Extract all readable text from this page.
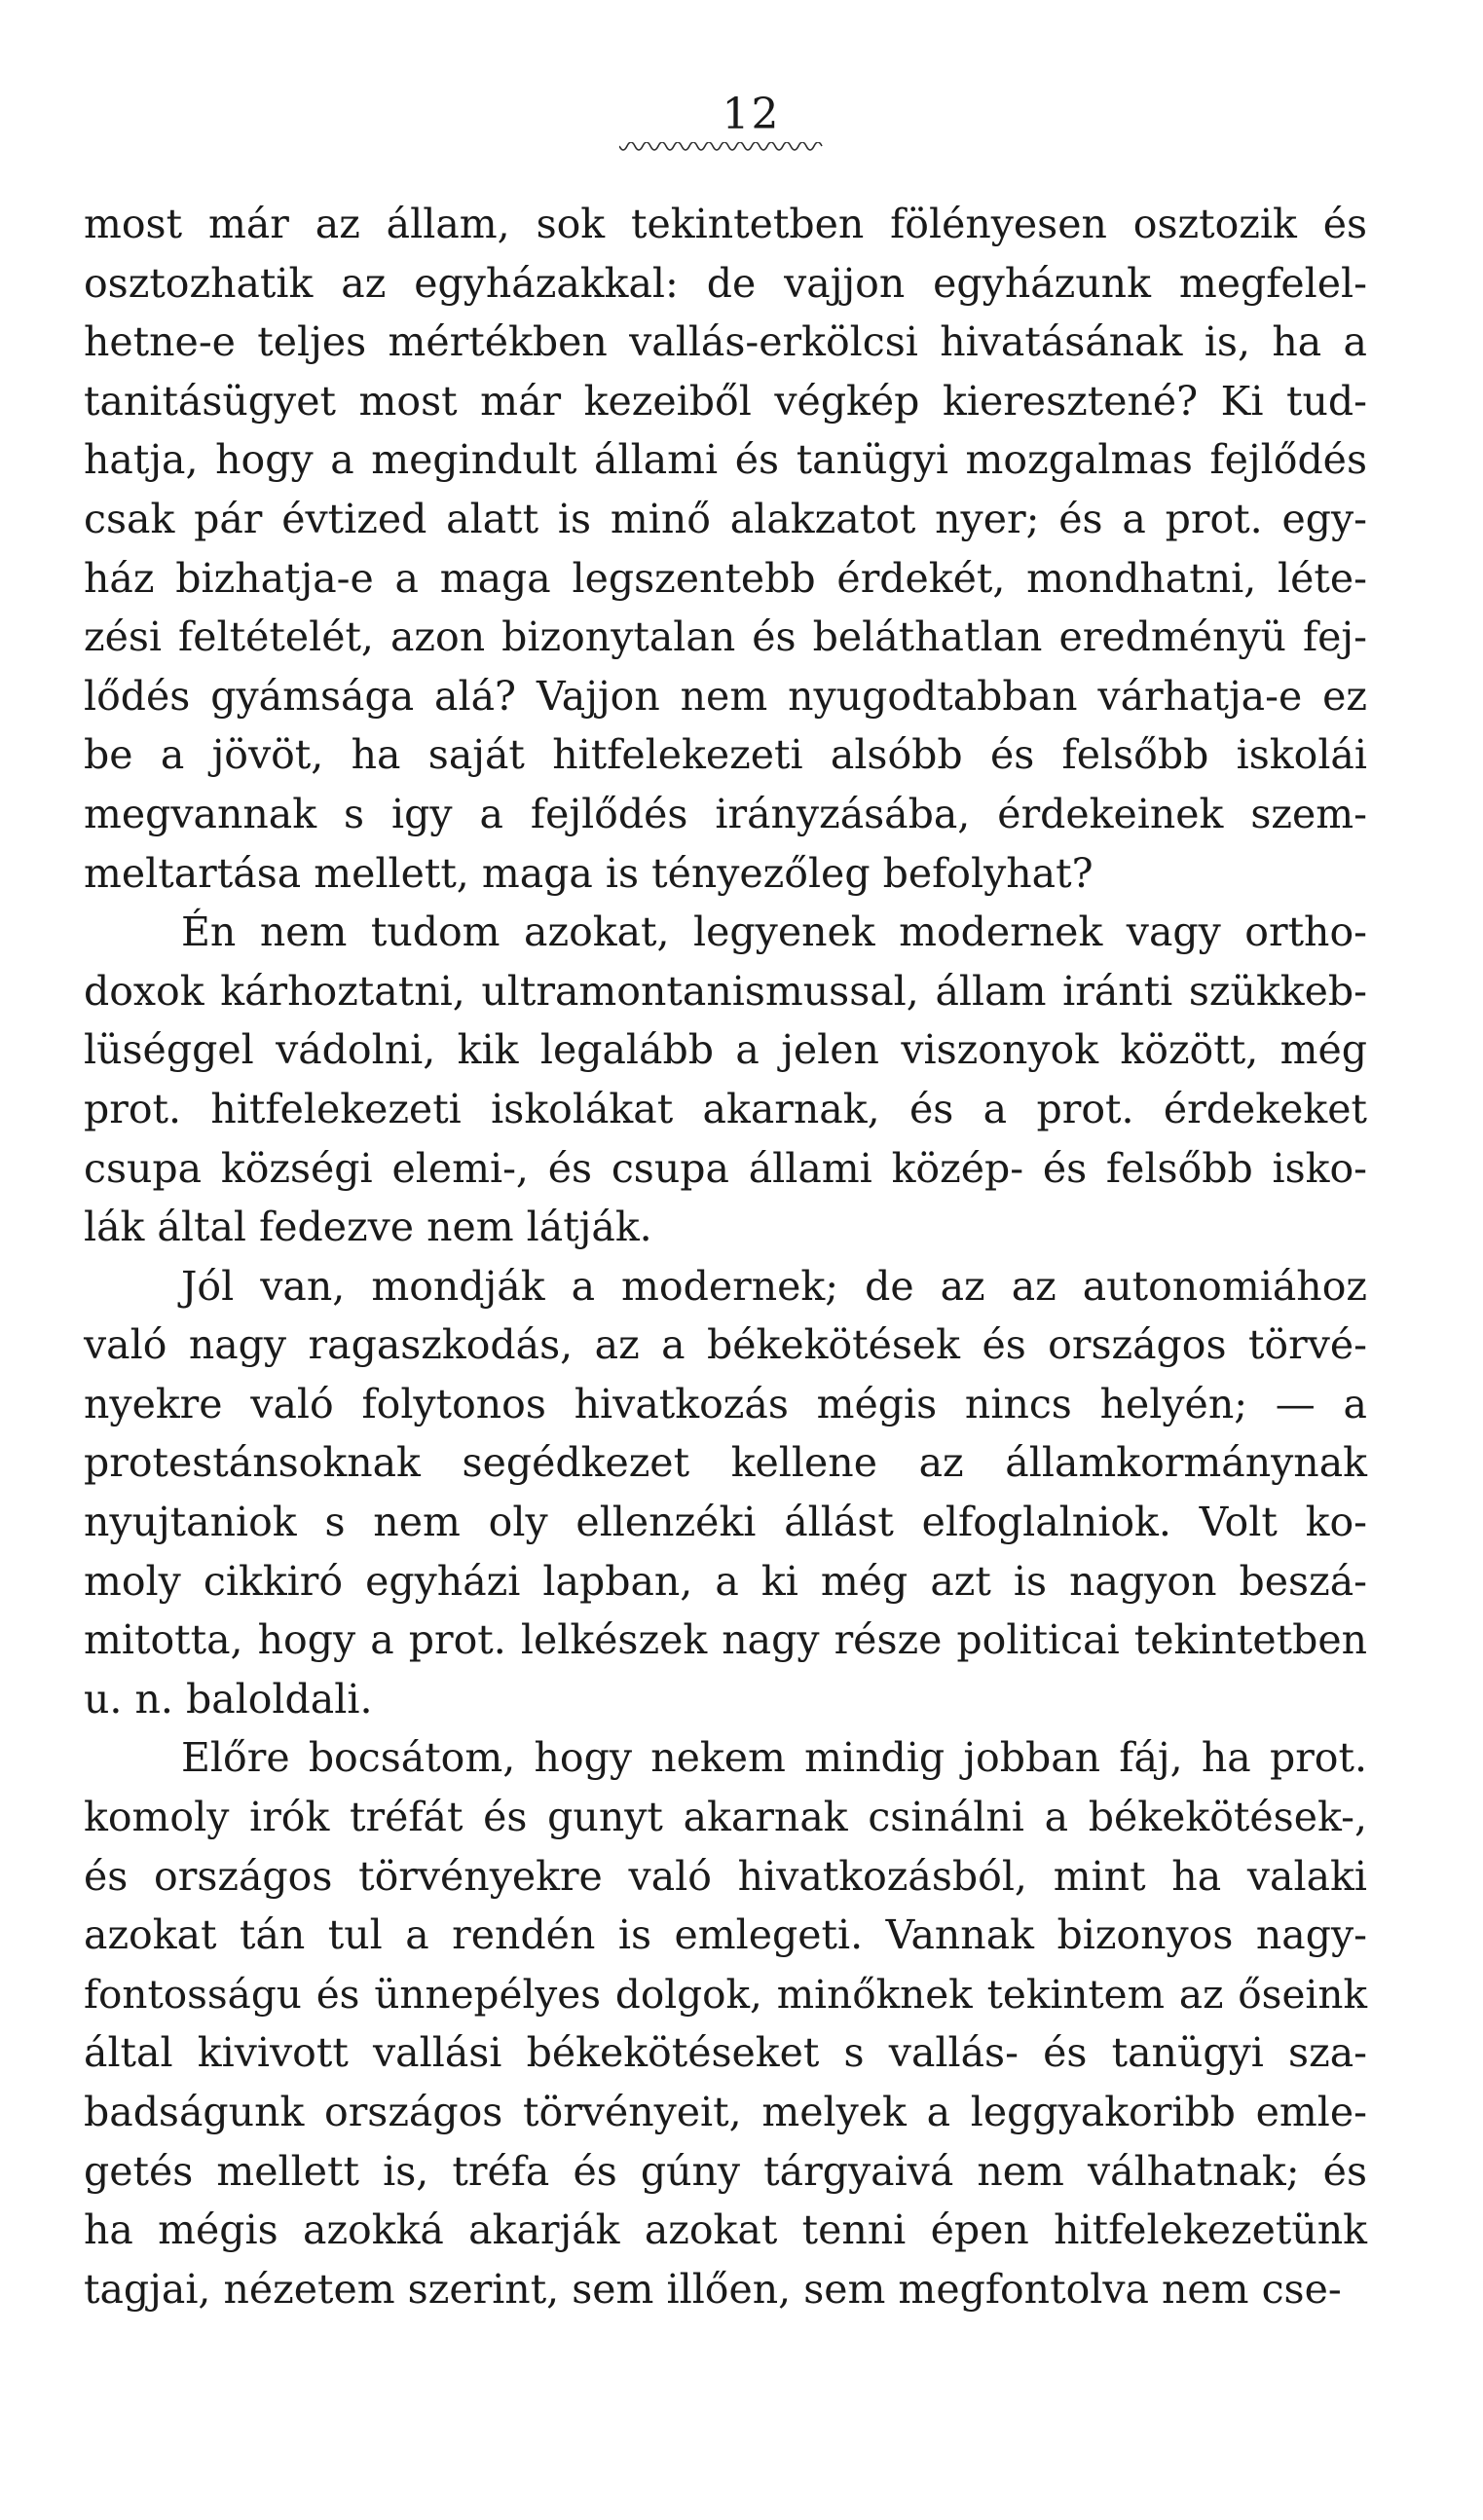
12
most már az állam, sok tekintetben fölényesen osztozik és
osztozhatik az egyházakkal: de vajjon egyházunk megfelel-
hetne-e teljes mértékben vallás-erkölcsi hivatásának is, ha a
tanitásügyet most már kezeiből végkép kieresztené? Ki tud-
hatja, hogy a megindult állami és tanügyi mozgalmas fejlődés
csak pár évtized alatt is minő alakzatot nyer; és a prot. egy-
ház bizhatja-e a maga legszentebb érdekét, mondhatni, léte-
zési feltételét, azon bizonytalan és beláthatlan eredményü fej-
lődés gyámsága alá? Vajjon nem nyugodtabban várhatja-e ez
be a jövöt, ha saját hitfelekezeti alsóbb és felsőbb iskolái
megvannak s igy a fejlődés irányzásába, érdekeinek szem-
meltartása mellett, maga is tényezőleg befolyhat?
Én nem tudom azokat, legyenek modernek vagy ortho-
doxok kárhoztatni, ultramontanismussal, állam iránti szükkeb-
lüséggel vádolni, kik legalább a jelen viszonyok között, még
prot. hitfelekezeti iskolákat akarnak, és a prot. érdekeket
csupa községi elemi-, és csupa állami közép- és felsőbb isko-
lák által fedezve nem látják.
Jól van, mondják a modernek; de az az autonomiához
való nagy ragaszkodás, az a békekötések és országos törvé-
nyekre való folytonos hivatkozás mégis nincs helyén; — a
protestánsoknak segédkezet kellene az államkormánynak
nyujtaniok s nem oly ellenzéki állást elfoglalniok. Volt ko-
moly cikkiró egyházi lapban, a ki még azt is nagyon beszá-
mitotta, hogy a prot. lelkészek nagy része politicai tekintetben
u. n. baloldali.
Előre bocsátom, hogy nekem mindig jobban fáj, ha prot.
komoly irók tréfát és gunyt akarnak csinálni a békekötések-,
és országos törvényekre való hivatkozásból, mint ha valaki
azokat tán tul a rendén is emlegeti. Vannak bizonyos nagy-
fontosságu és ünnepélyes dolgok, minőknek tekintem az őseink
által kivivott vallási békekötéseket s vallás- és tanügyi sza-
badságunk országos törvényeit, melyek a leggyakoribb emle-
getés mellett is, tréfa és gúny tárgyaivá nem válhatnak; és
ha mégis azokká akarják azokat tenni épen hitfelekezetünk
tagjai, nézetem szerint, sem illően, sem megfontolva nem cse-
